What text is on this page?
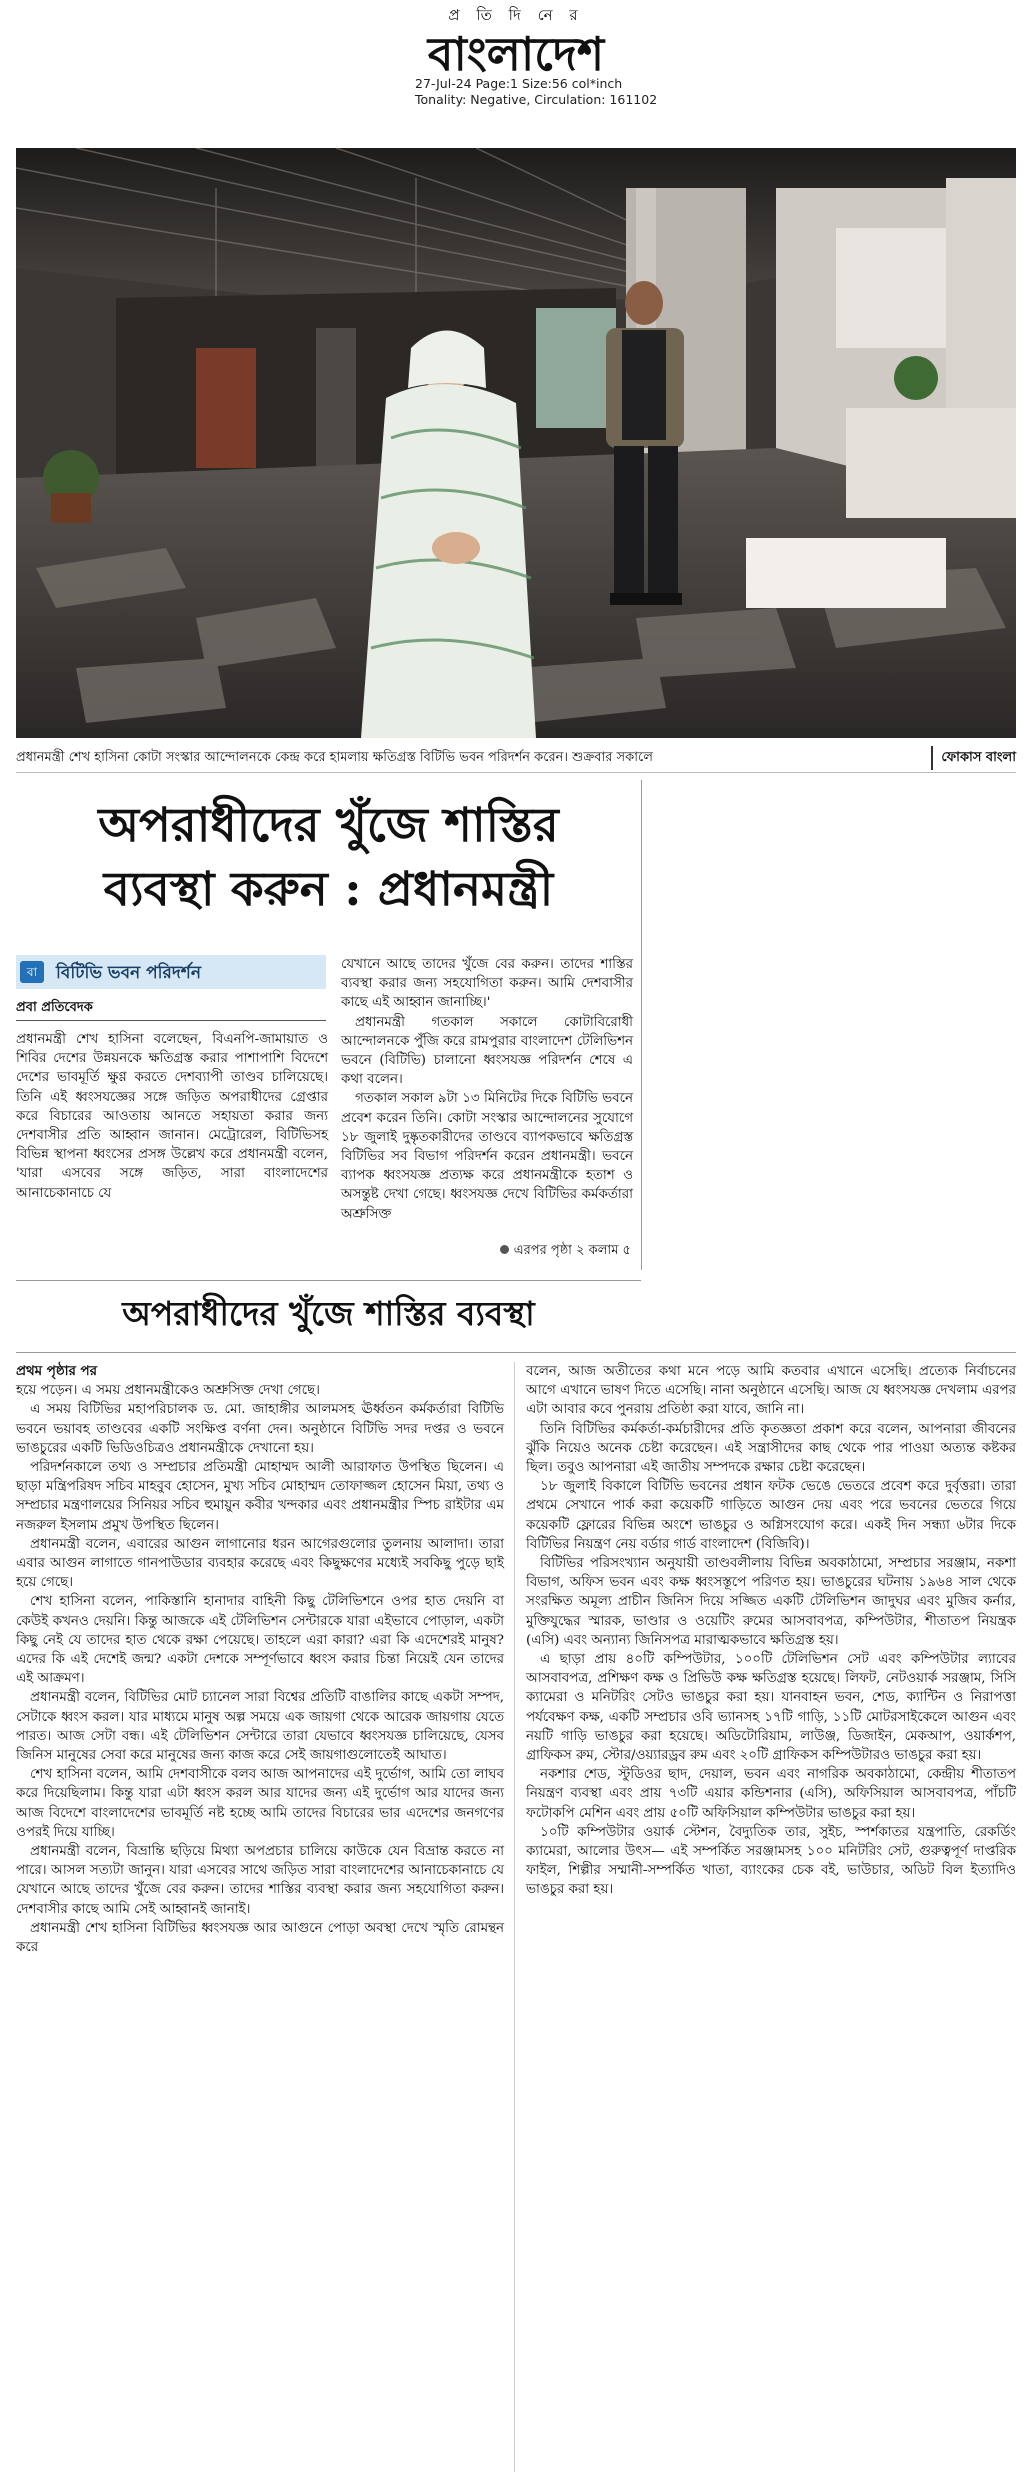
প্র তি দি নে র
বাংলাদেশ
27-Jul-24 Page:1 Size:56 col*inch
Tonality: Negative, Circulation: 161102
প্রধানমন্ত্রী শেখ হাসিনা কোটা সংস্কার আন্দোলনকে কেন্দ্র করে হামলায় ক্ষতিগ্রস্ত বিটিভি ভবন পরিদর্শন করেন। শুক্রবার সকালে	ফোকাস বাংলা
অপরাধীদের খুঁজে শাস্তির
ব্যবস্থা করুন : প্রধানমন্ত্রী
বা	বিটিভি ভবন পরিদর্শন
প্রবা প্রতিবেদক
প্রধানমন্ত্রী শেখ হাসিনা বলেছেন, বিএনপি-জামায়াত ও শিবির দেশের উন্নয়নকে ক্ষতিগ্রস্ত করার পাশাপাশি বিদেশে দেশের ভাবমূর্তি ক্ষুণ্ণ করতে দেশব্যাপী তাণ্ডব চালিয়েছে। তিনি এই ধ্বংসযজ্ঞের সঙ্গে জড়িত অপরাধীদের গ্রেপ্তার করে বিচারের আওতায় আনতে সহায়তা করার জন্য দেশবাসীর প্রতি আহ্বান জানান। মেট্রোরেল, বিটিভিসহ বিভিন্ন স্থাপনা ধ্বংসের প্রসঙ্গ উল্লেখ করে প্রধানমন্ত্রী বলেন, 'যারা এসবের সঙ্গে জড়িত, সারা বাংলাদেশের আনাচেকানাচে যে
যেখানে আছে তাদের খুঁজে বের করুন। তাদের শাস্তির ব্যবস্থা করার জন্য সহযোগিতা করুন। আমি দেশবাসীর কাছে এই আহ্বান জানাচ্ছি।'
প্রধানমন্ত্রী গতকাল সকালে কোটাবিরোধী আন্দোলনকে পুঁজি করে রামপুরার বাংলাদেশ টেলিভিশন ভবনে (বিটিভি) চালানো ধ্বংসযজ্ঞ পরিদর্শন শেষে এ কথা বলেন।
গতকাল সকাল ৯টা ১৩ মিনিটের দিকে বিটিভি ভবনে প্রবেশ করেন তিনি। কোটা সংস্কার আন্দোলনের সুযোগে ১৮ জুলাই দুষ্কৃতকারীদের তাণ্ডবে ব্যাপকভাবে ক্ষতিগ্রস্ত বিটিভির সব বিভাগ পরিদর্শন করেন প্রধানমন্ত্রী। ভবনে ব্যাপক ধ্বংসযজ্ঞ প্রত্যক্ষ করে প্রধানমন্ত্রীকে হতাশ ও অসন্তুষ্ট দেখা গেছে। ধ্বংসযজ্ঞ দেখে বিটিভির কর্মকর্তারা অশ্রুসিক্ত
এরপর পৃষ্ঠা ২ কলাম ৫
অপরাধীদের খুঁজে শাস্তির ব্যবস্থা
প্রথম পৃষ্ঠার পর
হয়ে পড়েন। এ সময় প্রধানমন্ত্রীকেও অশ্রুসিক্ত দেখা গেছে।
এ সময় বিটিভির মহাপরিচালক ড. মো. জাহাঙ্গীর আলমসহ ঊর্ধ্বতন কর্মকর্তারা বিটিভি ভবনে ভয়াবহ তাণ্ডবের একটি সংক্ষিপ্ত বর্ণনা দেন। অনুষ্ঠানে বিটিভি সদর দপ্তর ও ভবনে ভাঙচুরের একটি ভিডিওচিত্রও প্রধানমন্ত্রীকে দেখানো হয়।
পরিদর্শনকালে তথ্য ও সম্প্রচার প্রতিমন্ত্রী মোহাম্মদ আলী আরাফাত উপস্থিত ছিলেন। এ ছাড়া মন্ত্রিপরিষদ সচিব মাহবুব হোসেন, মুখ্য সচিব মোহাম্মদ তোফাজ্জল হোসেন মিয়া, তথ্য ও সম্প্রচার মন্ত্রণালয়ের সিনিয়র সচিব হুমায়ুন কবীর খন্দকার এবং প্রধানমন্ত্রীর স্পিচ রাইটার এম নজরুল ইসলাম প্রমুখ উপস্থিত ছিলেন।
প্রধানমন্ত্রী বলেন, এবারের আগুন লাগানোর ধরন আগেরগুলোর তুলনায় আলাদা। তারা এবার আগুন লাগাতে গানপাউডার ব্যবহার করেছে এবং কিছুক্ষণের মধ্যেই সবকিছু পুড়ে ছাই হয়ে গেছে।
শেখ হাসিনা বলেন, পাকিস্তানি হানাদার বাহিনী কিছু টেলিভিশনে ওপর হাত দেয়নি বা কেউই কখনও দেয়নি। কিন্তু আজকে এই টেলিভিশন সেন্টারকে যারা এইভাবে পোড়াল, একটা কিছু নেই যে তাদের হাত থেকে রক্ষা পেয়েছে। তাহলে এরা কারা? এরা কি এদেশেরই মানুষ? এদের কি এই দেশেই জন্ম? একটা দেশকে সম্পূর্ণভাবে ধ্বংস করার চিন্তা নিয়েই যেন তাদের এই আক্রমণ।
প্রধানমন্ত্রী বলেন, বিটিভির মোট চ্যানেল সারা বিশ্বের প্রতিটি বাঙালির কাছে একটা সম্পদ, সেটাকে ধ্বংস করল। যার মাধ্যমে মানুষ অল্প সময়ে এক জায়গা থেকে আরেক জায়গায় যেতে পারত। আজ সেটা বন্ধ। এই টেলিভিশন সেন্টারে তারা যেভাবে ধ্বংসযজ্ঞ চালিয়েছে, যেসব জিনিস মানুষের সেবা করে মানুষের জন্য কাজ করে সেই জায়গাগুলোতেই আঘাত।
শেখ হাসিনা বলেন, আমি দেশবাসীকে বলব আজ আপনাদের এই দুর্ভোগ, আমি তো লাঘব করে দিয়েছিলাম। কিন্তু যারা এটা ধ্বংস করল আর যাদের জন্য এই দুর্ভোগ আর যাদের জন্য আজ বিদেশে বাংলাদেশের ভাবমূর্তি নষ্ট হচ্ছে আমি তাদের বিচারের ভার এদেশের জনগণের ওপরই দিয়ে যাচ্ছি।
প্রধানমন্ত্রী বলেন, বিভ্রান্তি ছড়িয়ে মিথ্যা অপপ্রচার চালিয়ে কাউকে যেন বিভ্রান্ত করতে না পারে। আসল সত্যটা জানুন। যারা এসবের সাথে জড়িত সারা বাংলাদেশের আনাচেকানাচে যে যেখানে আছে তাদের খুঁজে বের করুন। তাদের শাস্তির ব্যবস্থা করার জন্য সহযোগিতা করুন। দেশবাসীর কাছে আমি সেই আহ্বানই জানাই।
প্রধানমন্ত্রী শেখ হাসিনা বিটিভির ধ্বংসযজ্ঞ আর আগুনে পোড়া অবস্থা দেখে স্মৃতি রোমন্থন করে
বলেন, আজ অতীতের কথা মনে পড়ে আমি কতবার এখানে এসেছি। প্রত্যেক নির্বাচনের আগে এখানে ভাষণ দিতে এসেছি। নানা অনুষ্ঠানে এসেছি। আজ যে ধ্বংসযজ্ঞ দেখলাম এরপর এটা আবার কবে পুনরায় প্রতিষ্ঠা করা যাবে, জানি না।
তিনি বিটিভির কর্মকর্তা-কর্মচারীদের প্রতি কৃতজ্ঞতা প্রকাশ করে বলেন, আপনারা জীবনের ঝুঁকি নিয়েও অনেক চেষ্টা করেছেন। এই সন্ত্রাসীদের কাছ থেকে পার পাওয়া অত্যন্ত কষ্টকর ছিল। তবুও আপনারা এই জাতীয় সম্পদকে রক্ষার চেষ্টা করেছেন।
১৮ জুলাই বিকালে বিটিভি ভবনের প্রধান ফটক ভেঙে ভেতরে প্রবেশ করে দুর্বৃত্তরা। তারা প্রথমে সেখানে পার্ক করা কয়েকটি গাড়িতে আগুন দেয় এবং পরে ভবনের ভেতরে গিয়ে কয়েকটি ফ্লোরের বিভিন্ন অংশে ভাঙচুর ও অগ্নিসংযোগ করে। একই দিন সন্ধ্যা ৬টার দিকে বিটিভির নিয়ন্ত্রণ নেয় বর্ডার গার্ড বাংলাদেশ (বিজিবি)।
বিটিভির পরিসংখ্যান অনুযায়ী তাণ্ডবলীলায় বিভিন্ন অবকাঠামো, সম্প্রচার সরঞ্জাম, নকশা বিভাগ, অফিস ভবন এবং কক্ষ ধ্বংসস্তূপে পরিণত হয়। ভাঙচুরের ঘটনায় ১৯৬৪ সাল থেকে সংরক্ষিত অমূল্য প্রাচীন জিনিস দিয়ে সজ্জিত একটি টেলিভিশন জাদুঘর এবং মুজিব কর্নার, মুক্তিযুদ্ধের স্মারক, ভাণ্ডার ও ওয়েটিং রুমের আসবাবপত্র, কম্পিউটার, শীতাতপ নিয়ন্ত্রক (এসি) এবং অন্যান্য জিনিসপত্র মারাত্মকভাবে ক্ষতিগ্রস্ত হয়।
এ ছাড়া প্রায় ৪০টি কম্পিউটার, ১০০টি টেলিভিশন সেট এবং কম্পিউটার ল্যাবের আসবাবপত্র, প্রশিক্ষণ কক্ষ ও প্রিভিউ কক্ষ ক্ষতিগ্রস্ত হয়েছে। লিফট, নেটওয়ার্ক সরঞ্জাম, সিসি ক্যামেরা ও মনিটরিং সেটও ভাঙচুর করা হয়। যানবাহন ভবন, শেড, ক্যান্টিন ও নিরাপত্তা পর্যবেক্ষণ কক্ষ, একটি সম্প্রচার ওবি ভ্যানসহ ১৭টি গাড়ি, ১১টি মোটরসাইকেলে আগুন এবং নয়টি গাড়ি ভাঙচুর করা হয়েছে। অডিটোরিয়াম, লাউঞ্জ, ডিজাইন, মেকআপ, ওয়ার্কশপ, গ্রাফিকস রুম, স্টোর/ওয়্যারড্রব রুম এবং ২০টি গ্রাফিকস কম্পিউটারও ভাঙচুর করা হয়।
নকশার শেড, স্টুডিওর ছাদ, দেয়াল, ভবন এবং নাগরিক অবকাঠামো, কেন্দ্রীয় শীতাতপ নিয়ন্ত্রণ ব্যবস্থা এবং প্রায় ৭৩টি এয়ার কন্ডিশনার (এসি), অফিসিয়াল আসবাবপত্র, পাঁচটি ফটোকপি মেশিন এবং প্রায় ৫০টি অফিসিয়াল কম্পিউটার ভাঙচুর করা হয়।
১০টি কম্পিউটার ওয়ার্ক স্টেশন, বৈদ্যুতিক তার, সুইচ, স্পর্শকাতর যন্ত্রপাতি, রেকর্ডিং ক্যামেরা, আলোর উৎস— এই সম্পর্কিত সরঞ্জামসহ ১০০ মনিটরিং সেট, গুরুত্বপূর্ণ দাপ্তরিক ফাইল, শিল্পীর সম্মানী-সম্পর্কিত খাতা, ব্যাংকের চেক বই, ভাউচার, অডিট বিল ইত্যাদিও ভাঙচুর করা হয়।
